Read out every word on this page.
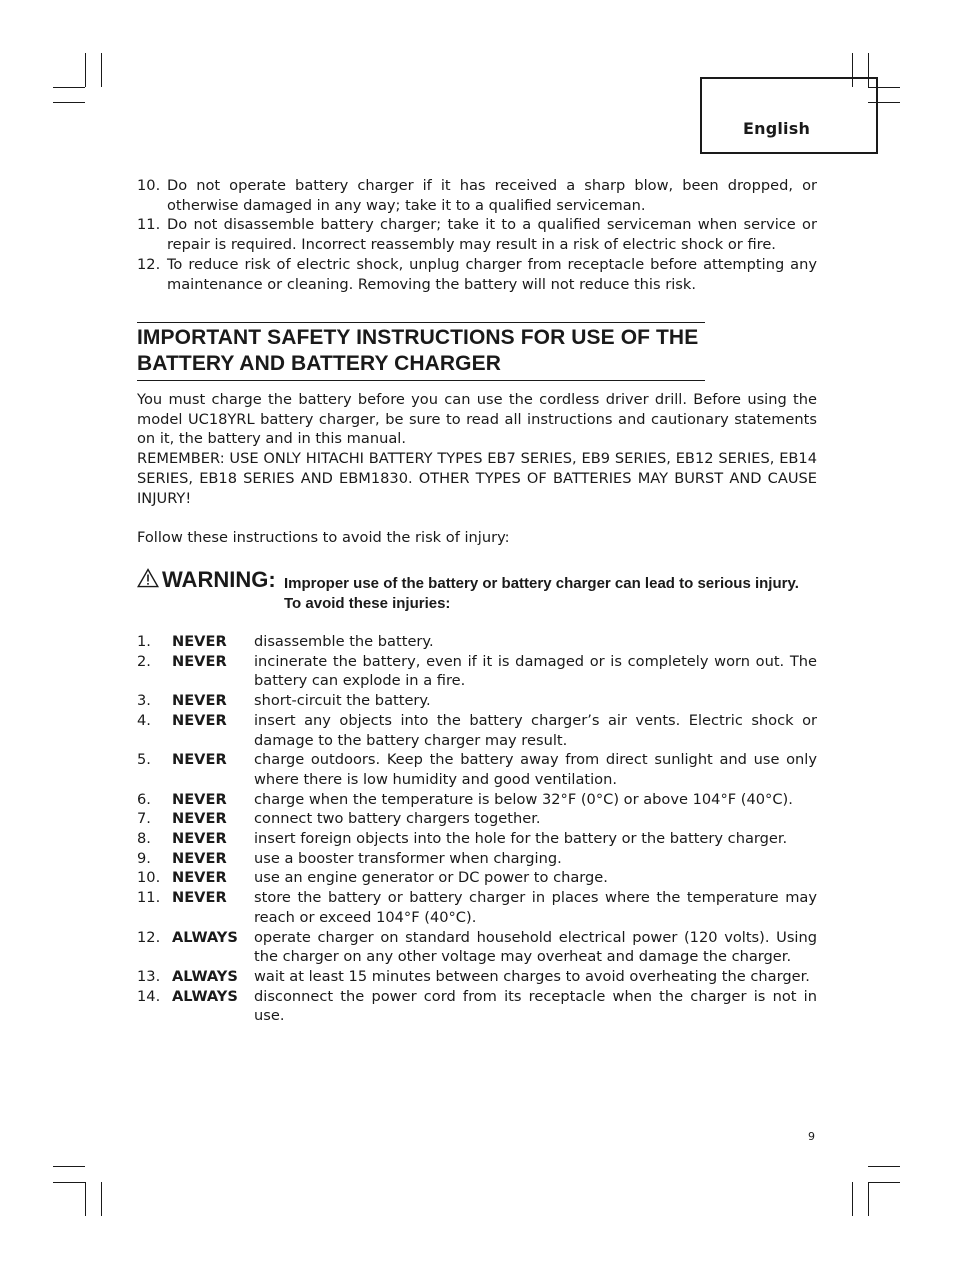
English
10. Do not operate battery charger if it has received a sharp blow, been dropped, or otherwise damaged in any way; take it to a qualified serviceman.
11. Do not disassemble battery charger; take it to a qualified serviceman when service or repair is required. Incorrect reassembly may result in a risk of electric shock or fire.
12. To reduce risk of electric shock, unplug charger from receptacle before attempting any maintenance or cleaning. Removing the battery will not reduce this risk.
IMPORTANT SAFETY INSTRUCTIONS FOR USE OF THE
BATTERY AND BATTERY CHARGER
You must charge the battery before you can use the cordless driver drill. Before using the model UC18YRL battery charger, be sure to read all instructions and cautionary statements on it, the battery and in this manual.
REMEMBER: USE ONLY HITACHI BATTERY TYPES EB7 SERIES, EB9 SERIES, EB12 SERIES, EB14 SERIES, EB18 SERIES AND EBM1830. OTHER TYPES OF BATTERIES MAY BURST AND CAUSE INJURY!
Follow these instructions to avoid the risk of injury:
WARNING: Improper use of the battery or battery charger can lead to serious injury.
To avoid these injuries:
1. NEVER disassemble the battery.
2. NEVER incinerate the battery, even if it is damaged or is completely worn out. The battery can explode in a fire.
3. NEVER short-circuit the battery.
4. NEVER insert any objects into the battery charger’s air vents. Electric shock or damage to the battery charger may result.
5. NEVER charge outdoors. Keep the battery away from direct sunlight and use only where there is low humidity and good ventilation.
6. NEVER charge when the temperature is below 32°F (0°C) or above 104°F (40°C).
7. NEVER connect two battery chargers together.
8. NEVER insert foreign objects into the hole for the battery or the battery charger.
9. NEVER use a booster transformer when charging.
10. NEVER use an engine generator or DC power to charge.
11. NEVER store the battery or battery charger in places where the temperature may reach or exceed 104°F (40°C).
12. ALWAYS operate charger on standard household electrical power (120 volts). Using the charger on any other voltage may overheat and damage the charger.
13. ALWAYS wait at least 15 minutes between charges to avoid overheating the charger.
14. ALWAYS disconnect the power cord from its receptacle when the charger is not in use.
9
